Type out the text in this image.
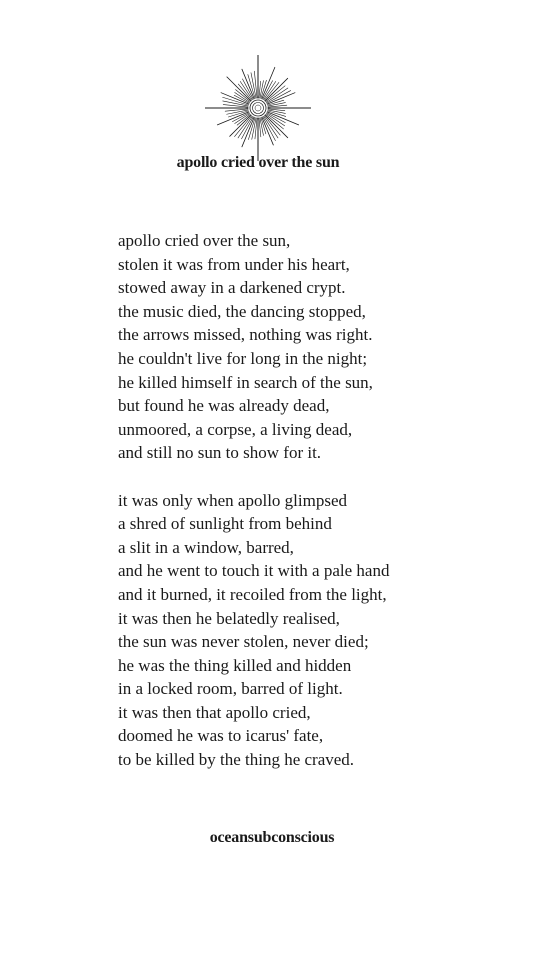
apollo cried over the sun
apollo cried over the sun,
stolen it was from under his heart,
stowed away in a darkened crypt.
the music died, the dancing stopped,
the arrows missed, nothing was right.
he couldn't live for long in the night;
he killed himself in search of the sun,
but found he was already dead,
unmoored, a corpse, a living dead,
and still no sun to show for it.
it was only when apollo glimpsed
a shred of sunlight from behind
a slit in a window, barred,
and he went to touch it with a pale hand
and it burned, it recoiled from the light,
it was then he belatedly realised,
the sun was never stolen, never died;
he was the thing killed and hidden
in a locked room, barred of light.
it was then that apollo cried,
doomed he was to icarus' fate,
to be killed by the thing he craved.
oceansubconscious
